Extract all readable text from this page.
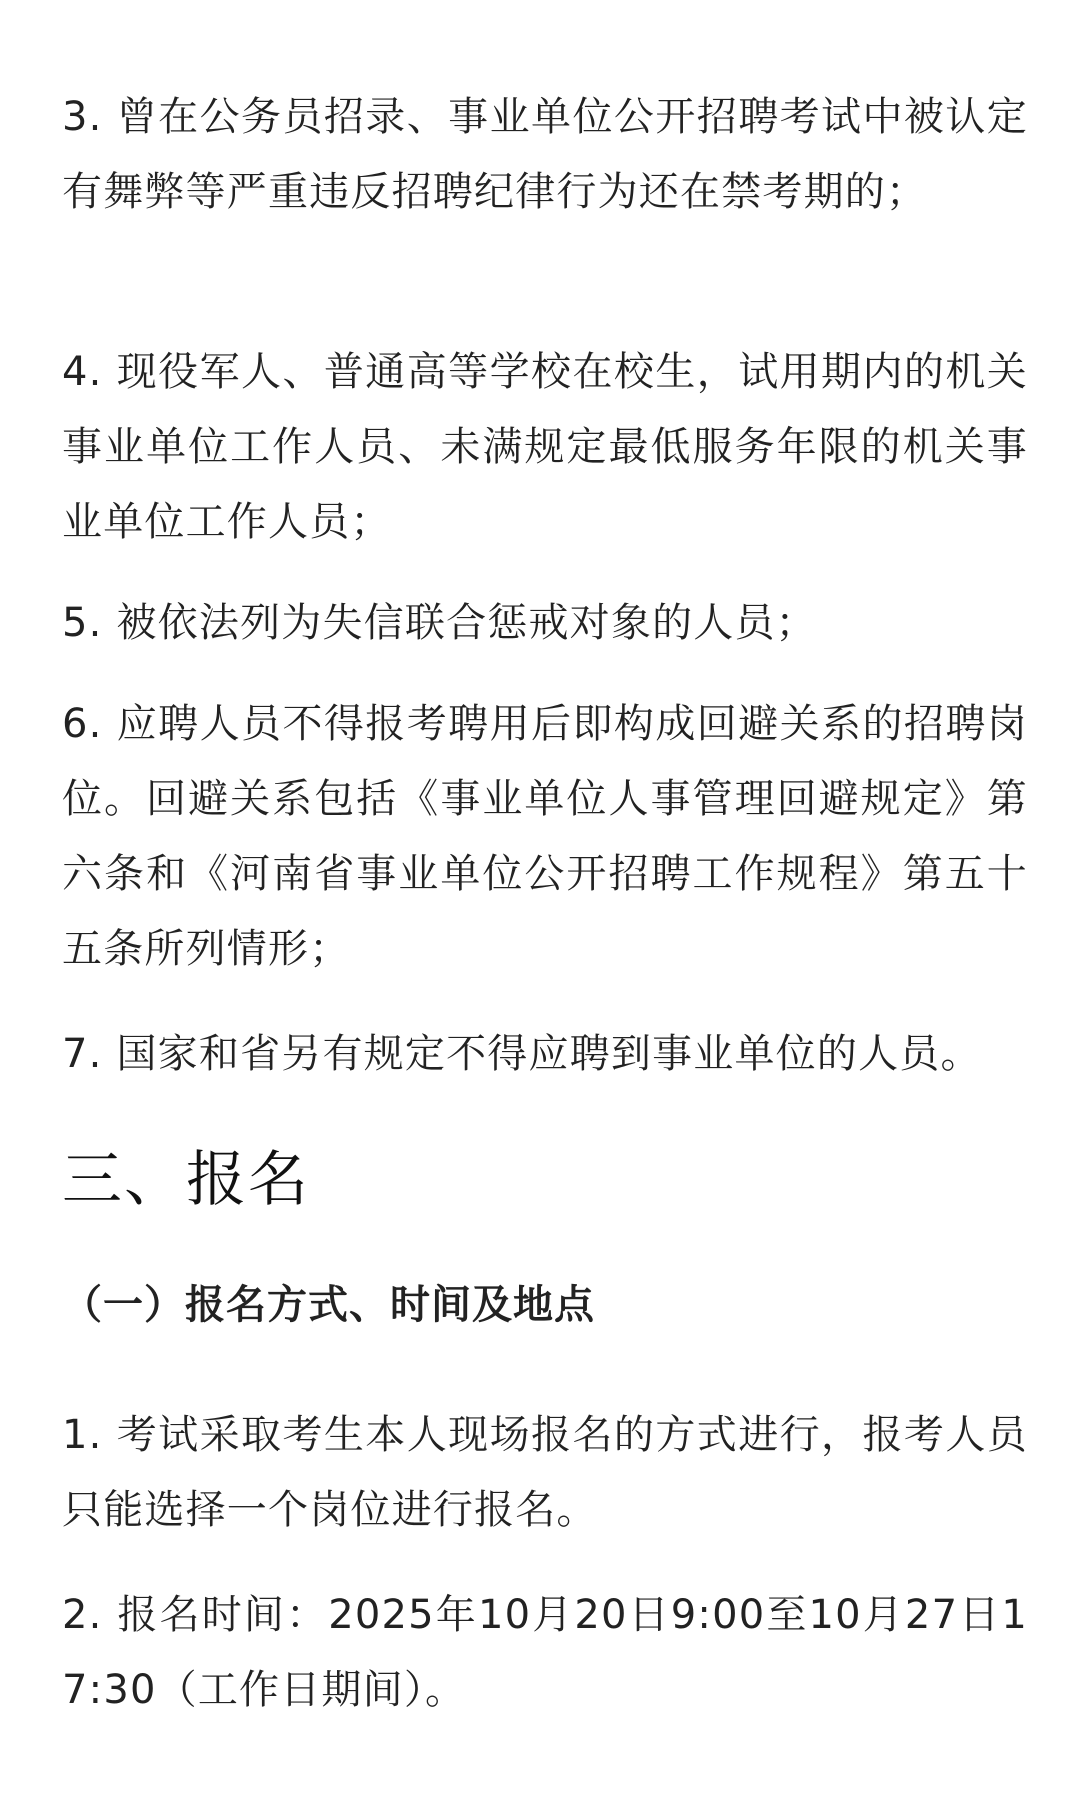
3. 曾在公务员招录、事业单位公开招聘考试中被认定有舞弊等严重违反招聘纪律行为还在禁考期的；

4. 现役军人、普通高等学校在校生，试用期内的机关事业单位工作人员、未满规定最低服务年限的机关事业单位工作人员；

5. 被依法列为失信联合惩戒对象的人员；

6. 应聘人员不得报考聘用后即构成回避关系的招聘岗位。回避关系包括《事业单位人事管理回避规定》第六条和《河南省事业单位公开招聘工作规程》第五十五条所列情形；

7. 国家和省另有规定不得应聘到事业单位的人员。

三、报名
（一）报名方式、时间及地点

1. 考试采取考生本人现场报名的方式进行，报考人员只能选择一个岗位进行报名。

2. 报名时间：2025年10月20日9:00至10月27日17:30（工作日期间）。
